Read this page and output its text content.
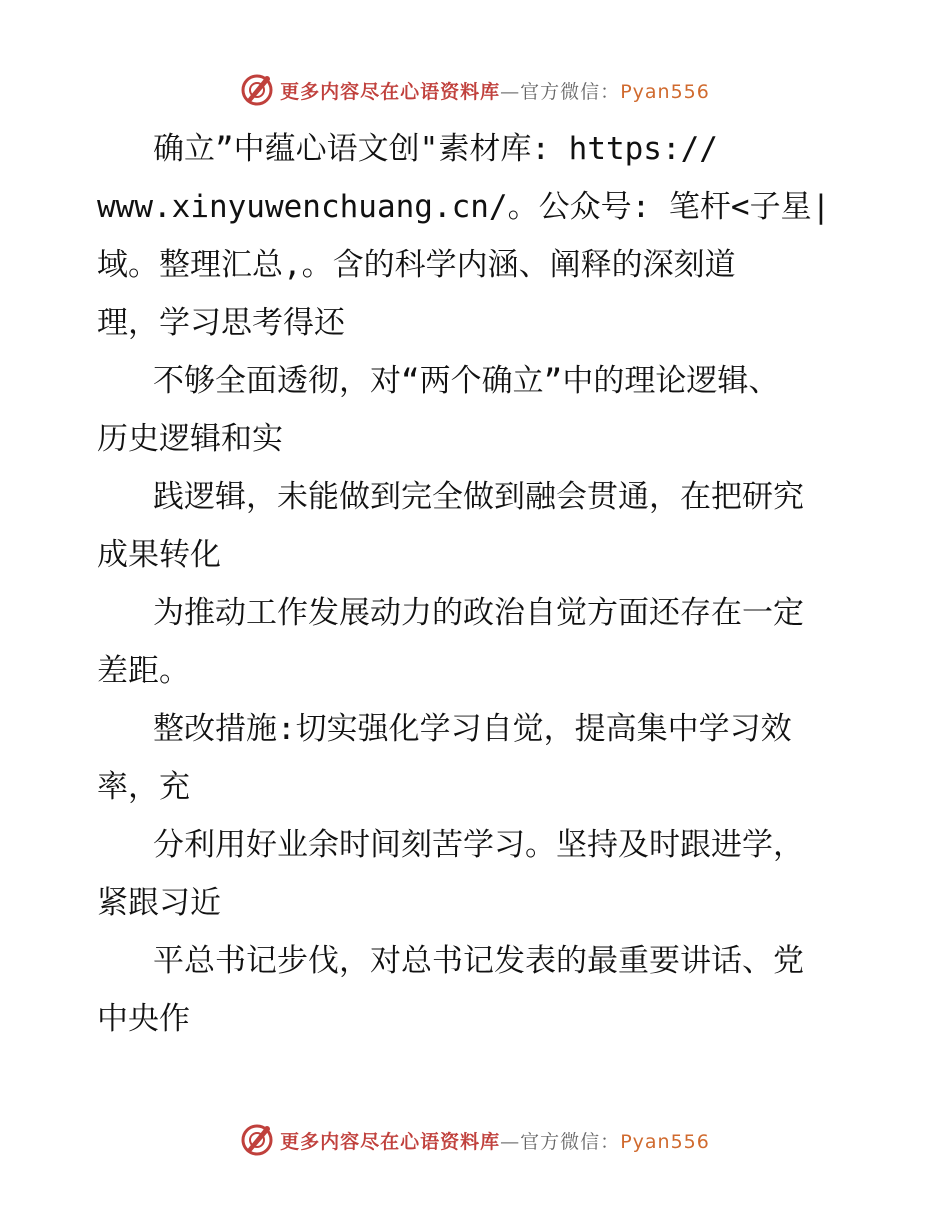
更多内容尽在心语资料库—官方微信：Pyan556

确立”中蕴心语文创"素材库: https://

www.xinyuwenchuang.cn/。公众号: 笔杆<子星|

域。整理汇总,。含的科学内涵、阐释的深刻道

理，学习思考得还

不够全面透彻，对“两个确立”中的理论逻辑、

历史逻辑和实

践逻辑，未能做到完全做到融会贯通，在把研究

成果转化

为推动工作发展动力的政治自觉方面还存在一定

差距。

整改措施:切实强化学习自觉，提高集中学习效

率，充

分利用好业余时间刻苦学习。坚持及时跟进学，

紧跟习近

平总书记步伐，对总书记发表的最重要讲话、党

中央作

更多内容尽在心语资料库—官方微信：Pyan556
